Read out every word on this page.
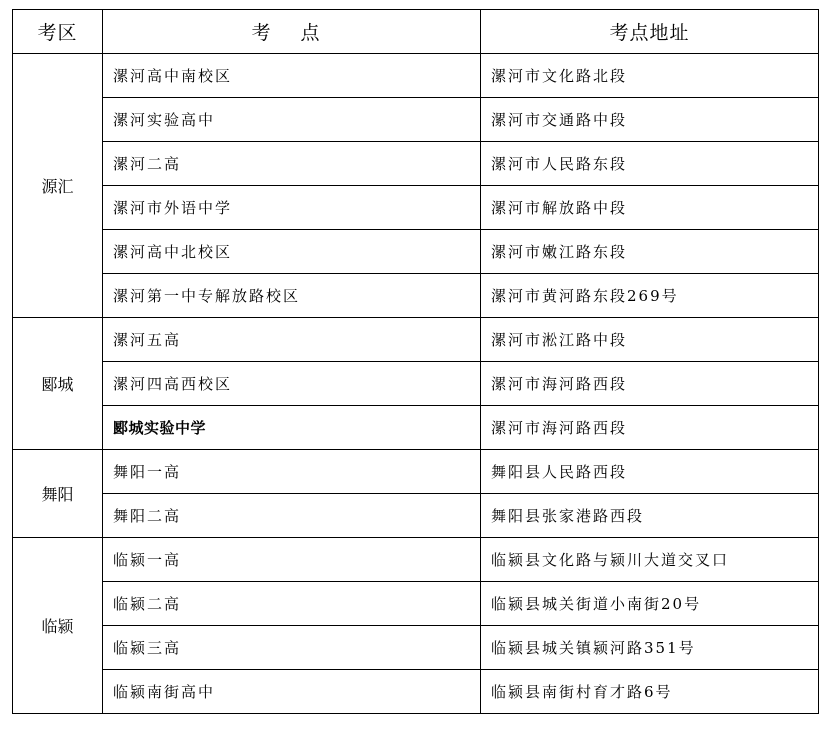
考区	考 点	考点地址
源汇	漯河高中南校区	漯河市文化路北段
	漯河实验高中	漯河市交通路中段
	漯河二高	漯河市人民路东段
	漯河市外语中学	漯河市解放路中段
	漯河高中北校区	漯河市嫩江路东段
	漯河第一中专解放路校区	漯河市黄河路东段269号
郾城	漯河五高	漯河市淞江路中段
	漯河四高西校区	漯河市海河路西段
	郾城实验中学	漯河市海河路西段
舞阳	舞阳一高	舞阳县人民路西段
	舞阳二高	舞阳县张家港路西段
临颍	临颍一高	临颍县文化路与颍川大道交叉口
	临颍二高	临颍县城关街道小南街20号
	临颍三高	临颍县城关镇颍河路351号
	临颍南街高中	临颍县南街村育才路6号
